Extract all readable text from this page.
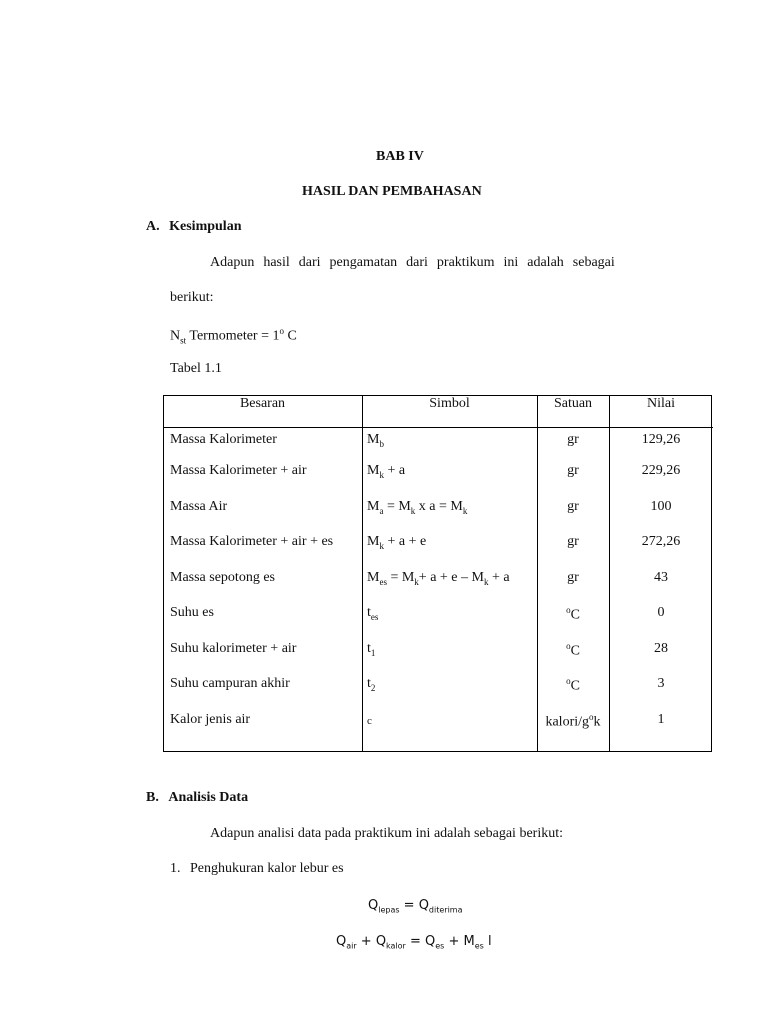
BAB IV
HASIL DAN PEMBAHASAN
A. Kesimpulan
Adapun  hasil  dari  pengamatan  dari  praktikum  ini  adalah  sebagai
berikut:
$N_{st}$ Termometer = $1^o$ C
Tabel 1.1
Besaran	Simbol	Satuan	Nilai
Massa Kalorimeter	$M_b$	gr	129,26
Massa Kalorimeter + air	$M_k + a$	gr	229,26
Massa Air	$M_a = M_k$ x $a = M_k$	gr	100
Massa Kalorimeter + air + es	$M_k + a + e$	gr	272,26
Massa sepotong es	$M_{es} = M_k+ a + e - M_k + a$	gr	43
Suhu es	$t_{es}$	$^o$C	0
Suhu kalorimeter + air	$t_1$	$^o$C	28
Suhu campuran akhir	$t_2$	$^o$C	3
Kalor jenis air	c	kalori/$g^ok$	1
B. Analisis Data
Adapun analisi data pada praktikum ini adalah sebagai berikut:
1. Penghukuran kalor lebur es
$Q_{lepas} = Q_{diterima}$
$Q_{air} + Q_{kalor} = Q_{es} + M_{es}$ l
